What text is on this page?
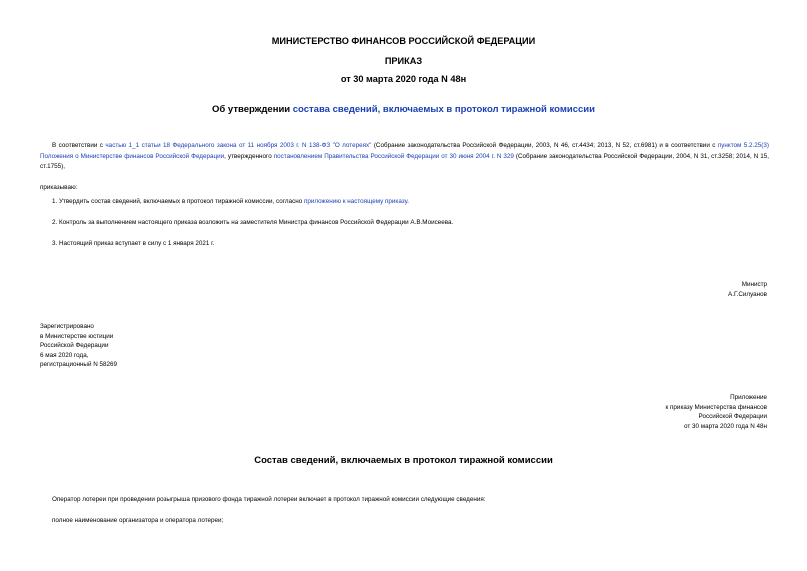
МИНИСТЕРСТВО ФИНАНСОВ РОССИЙСКОЙ ФЕДЕРАЦИИ
ПРИКАЗ
от 30 марта 2020 года N 48н
Об утверждении состава сведений, включаемых в протокол тиражной комиссии
В соответствии с частью 1_1 статьи 18 Федерального закона от 11 ноября 2003 г. N 138-ФЗ "О лотереях" (Собрание законодательства Российской Федерации, 2003, N 46, ст.4434; 2013, N 52, ст.6981) и в соответствии с пунктом 5.2.25(3) Положения о Министерстве финансов Российской Федерации, утвержденного постановлением Правительства Российской Федерации от 30 июня 2004 г. N 329 (Собрание законодательства Российской Федерации, 2004, N 31, ст.3258; 2014, N 15, ст.1755),
приказываю:
1. Утвердить состав сведений, включаемых в протокол тиражной комиссии, согласно приложению к настоящему приказу.
2. Контроль за выполнением настоящего приказа возложить на заместителя Министра финансов Российской Федерации А.В.Моисеева.
3. Настоящий приказ вступает в силу с 1 января 2021 г.
Министр
А.Г.Силуанов
Зарегистрировано
в Министерстве юстиции
Российской Федерации
6 мая 2020 года,
регистрационный N 58269
Приложение
к приказу Министерства финансов
Российской Федерации
от 30 марта 2020 года N 48н
Состав сведений, включаемых в протокол тиражной комиссии
Оператор лотереи при проведении розыгрыша призового фонда тиражной лотереи включает в протокол тиражной комиссии следующие сведения:
полное наименование организатора и оператора лотереи;
